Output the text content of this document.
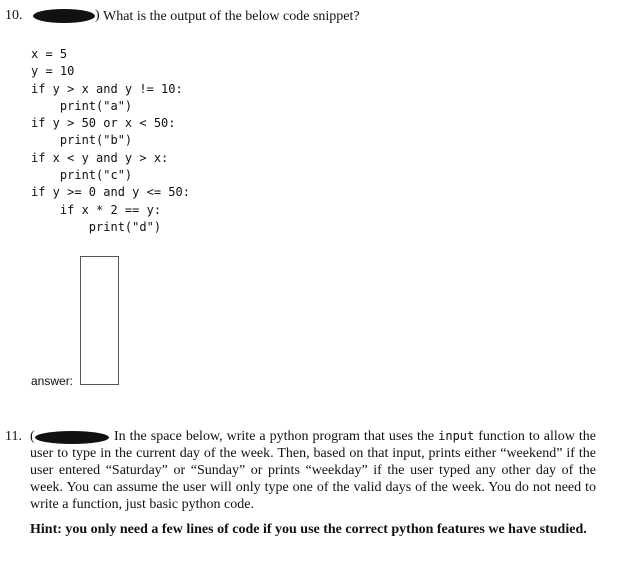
10.	) What is the output of the below code snippet?
x = 5
y = 10
if y > x and y != 10:
print("a")
if y > 50 or x < 50:
print("b")
if x < y and y > x:
print("c")
if y >= 0 and y <= 50:
if x * 2 == y:
print("d")
answer:
11. (	In the space below, write a python program that uses the input function to allow the user to type in the current day of the week. Then, based on that input, prints either “weekend” if the user entered “Saturday” or “Sunday” or prints “weekday” if the user typed any other day of the week. You can assume the user will only type one of the valid days of the week. You do not need to write a function, just basic python code.
Hint: you only need a few lines of code if you use the correct python features we have studied.
